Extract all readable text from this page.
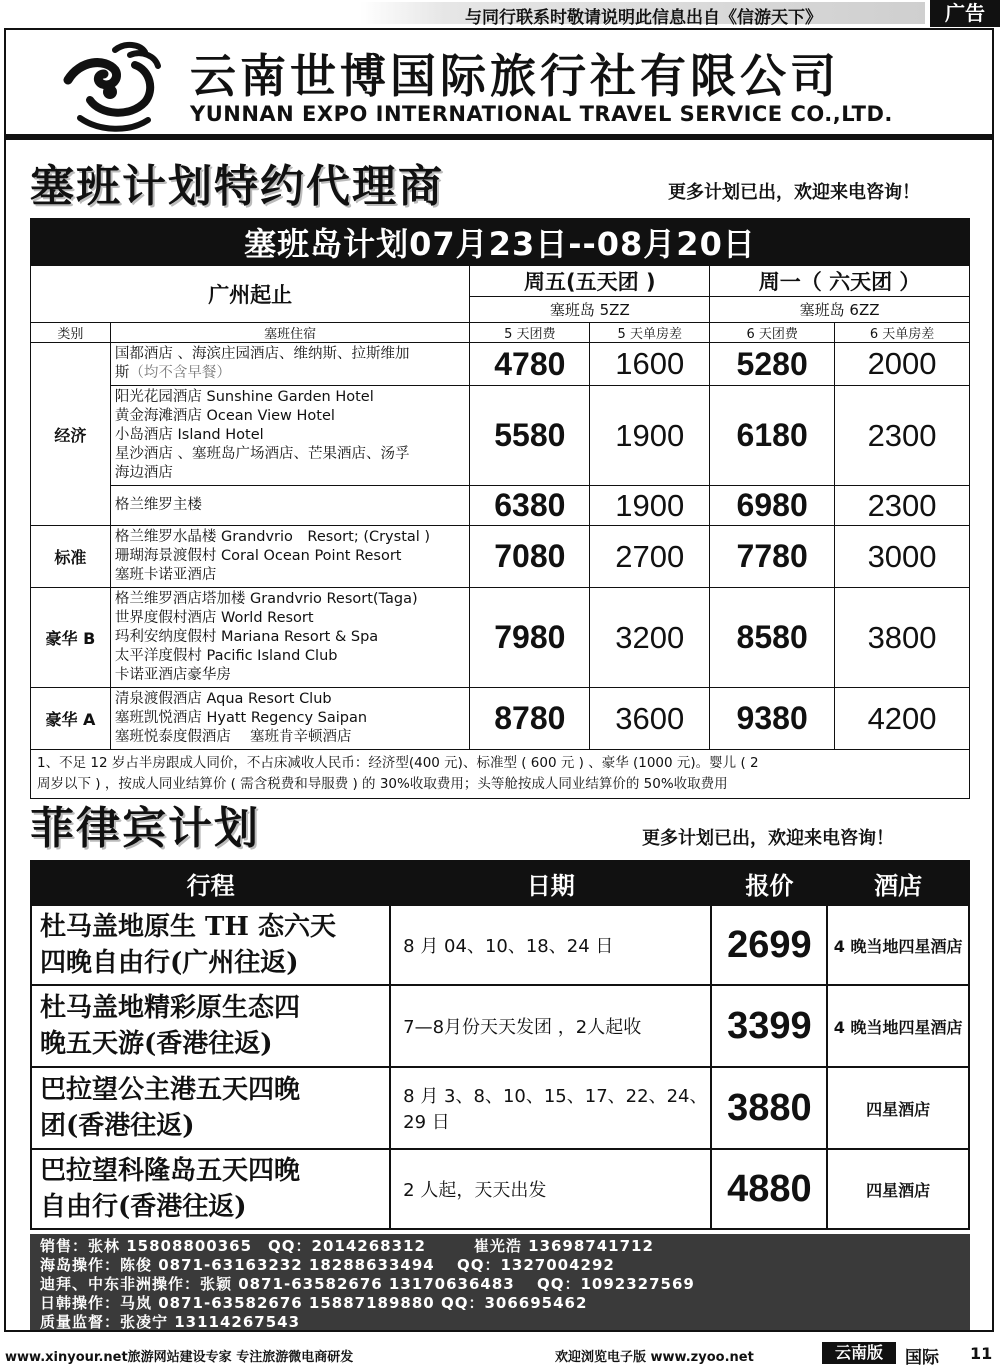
与同行联系时敬请说明此信息出自《信游天下》	广告
云南世博国际旅行社有限公司
YUNNAN EXPO INTERNATIONAL TRAVEL SERVICE CO.,LTD.
塞班计划特约代理商	更多计划已出，欢迎来电咨询！
塞班岛计划07月23日--08月20日					
广州起止		周五(五天团 )		周一（ 六天团 ）	
		塞班岛 5ZZ		塞班岛 6ZZ	
类别	塞班住宿	5 天团费	5 天单房差	6 天团费	6 天单房差
经济	国都酒店 、海滨庄园酒店、维纳斯、拉斯维加
斯（均不含早餐）	4780	1600	5280	2000

	阳光花园酒店 Sunshine Garden Hotel
黄金海滩酒店 Ocean View Hotel
小岛酒店 Island Hotel
星沙酒店 、塞班岛广场酒店、芒果酒店、汤孚
海边酒店	5580	1900	6180	2300

	格兰维罗主楼	6380	1900	6980	2300
标准	格兰维罗水晶楼 Grandvrio　Resort; (Crystal )
珊瑚海景渡假村 Coral Ocean Point Resort
塞班卡诺亚酒店	7080	2700	7780	3000
豪华 B	格兰维罗酒店塔加楼 Grandvrio Resort(Taga)
世界度假村酒店 World Resort
玛利安纳度假村 Mariana Resort & Spa
太平洋度假村 Pacific Island Club
卡诺亚酒店豪华房	7980	3200	8580	3800
豪华 A	清泉渡假酒店 Aqua Resort Club
塞班凯悦酒店 Hyatt Regency Saipan
塞班悦泰度假酒店　 塞班肯辛顿酒店	8780	3600	9380	4200

1、不足 12 岁占半房跟成人同价，不占床减收人民币：经济型(400 元)、标准型 ( 600 元 ) 、豪华 (1000 元)。婴儿 ( 2
周岁以下 ) ，按成人同业结算价 ( 需含税费和导服费 ) 的 30%收取费用；头等舱按成人同业结算价的 50%收取费用					
菲律宾计划	更多计划已出，欢迎来电咨询！
行程	日期	报价	酒店

杜马盖地原生 TH 态六天
四晚自由行(广州往返)	8 月 04、10、18、24 日	2699	4 晚当地四星酒店

杜马盖地精彩原生态四
晚五天游(香港往返)	7—8月份天天发团 ，2人起收	3399	4 晚当地四星酒店

巴拉望公主港五天四晚
团(香港往返)	8 月 3、8、10、15、17、22、24、29 日	3880	四星酒店

巴拉望科隆岛五天四晚
自由行(香港往返)	2 人起，天天出发	4880	四星酒店
销售：张林 15808800365　QQ：2014268312　　　崔光浩 13698741712
海岛操作：陈俊 0871-63163232 18288633494　 QQ：1327004292
迪拜、中东非洲操作：张颖 0871-63582676 13170636483　 QQ：1092327569
日韩操作：马岚 0871-63582676 15887189880 QQ：306695462
质量监督：张凌宁 13114267543
www.xinyour.net旅游网站建设专家 专注旅游微电商研发	欢迎浏览电子版 www.zyoo.net	云南版	国际 11
